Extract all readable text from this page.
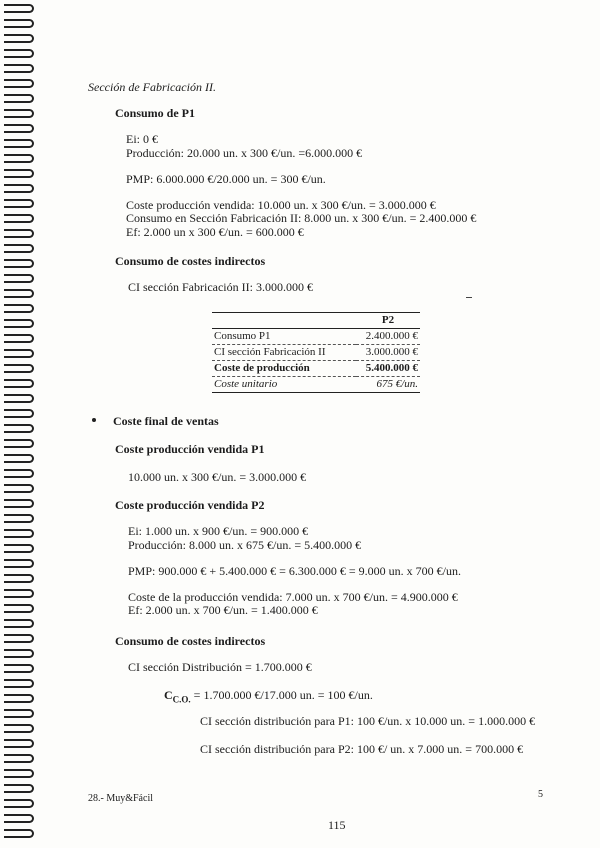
Sección de Fabricación II.
Consumo de P1
Ei: 0 €
Producción: 20.000 un. x 300 €/un. =6.000.000 €
PMP: 6.000.000 €/20.000 un. = 300 €/un.
Coste producción vendida: 10.000 un. x 300 €/un. = 3.000.000 €
Consumo en Sección Fabricación II: 8.000 un. x 300 €/un. = 2.400.000 €
Ef: 2.000 un x 300 €/un. = 600.000 €
Consumo de costes indirectos
CI sección Fabricación II: 3.000.000 €
	P2
Consumo P1	2.400.000 €
CI sección Fabricación II	3.000.000 €
Coste de producción	5.400.000 €
Coste unitario	675 €/un.
Coste final de ventas
Coste producción vendida P1
10.000 un. x 300 €/un. = 3.000.000 €
Coste producción vendida P2
Ei: 1.000 un. x 900 €/un. = 900.000 €
Producción: 8.000 un. x 675 €/un. = 5.400.000 €
PMP: 900.000 € + 5.400.000 € = 6.300.000 € = 9.000 un. x 700 €/un.
Coste de la producción vendida: 7.000 un. x 700 €/un. = 4.900.000 €
Ef: 2.000 un. x 700 €/un. = 1.400.000 €
Consumo de costes indirectos
CI sección Distribución = 1.700.000 €
$C_{C.O.} = 1.700.000$ €/17.000 un. = 100 €/un.
CI sección distribución para P1: 100 €/un. x 10.000 un. = 1.000.000 €
CI sección distribución para P2: 100 €/ un. x 7.000 un. = 700.000 €
28.- Muy&Fácil	5
115
